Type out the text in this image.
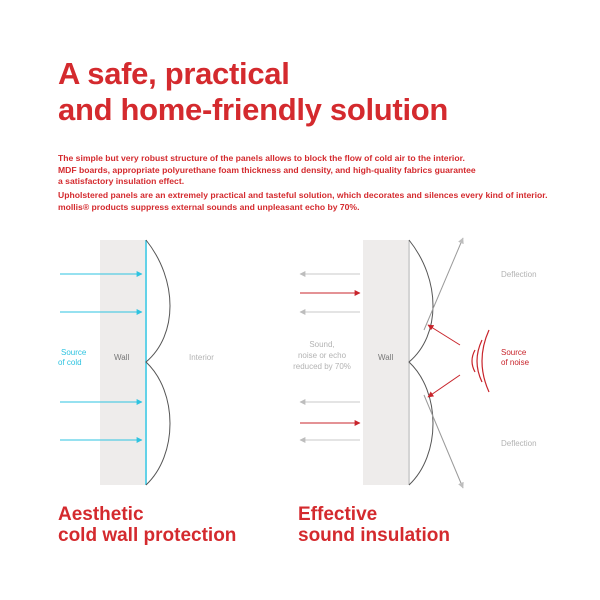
A safe, practical
and home-friendly solution

The simple but very robust structure of the panels allows to block the flow of cold air to the interior.
MDF boards, appropriate polyurethane foam thickness and density, and high-quality fabrics guarantee
a satisfactory insulation effect.

Upholstered panels are an extremely practical and tasteful solution, which decorates and silences every kind of interior.
mollis® products suppress external sounds and unpleasant echo by 70%.

Source
of cold
Wall	Interior
Sound,
noise or echo
reduced by 70%
Wall
Source
of noise
Deflection
Deflection
Aesthetic
cold wall protection
Effective
sound insulation
